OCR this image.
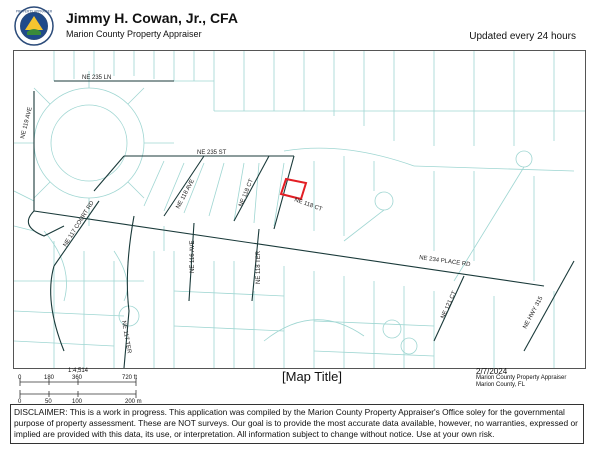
PROPERTY APPRAISER Jimmy H. Cowan, Jr., CFA
Marion County Property Appraiser	Updated every 24 hours
NE 235 LN
NE 119 AVE
NE 235 ST
NE 117 COURT RD
NE 118 AVE	NE 118 CT	NE 118 CT
NE 118 TER
NE 116 AVE	NE 234 PLACE RD
NE 121 CT	NE HWY 315
NE 117 TER
1:4,514
0	180	360	720 ft
0	50	100	200 m
[Map Title]	2/7/2024
Marion County Property Appraiser
Marion County, FL
DISCLAIMER: This is a work in progress. This application was compiled by the Marion County Property Appraiser's Office soley for the governmental purpose of property assessment. These are NOT surveys. Our goal is to provide the most accurate data available, however, no warranties, expressed or implied are provided with this data, its use, or interpretation. All information subject to change without notice. Use at your own risk.
